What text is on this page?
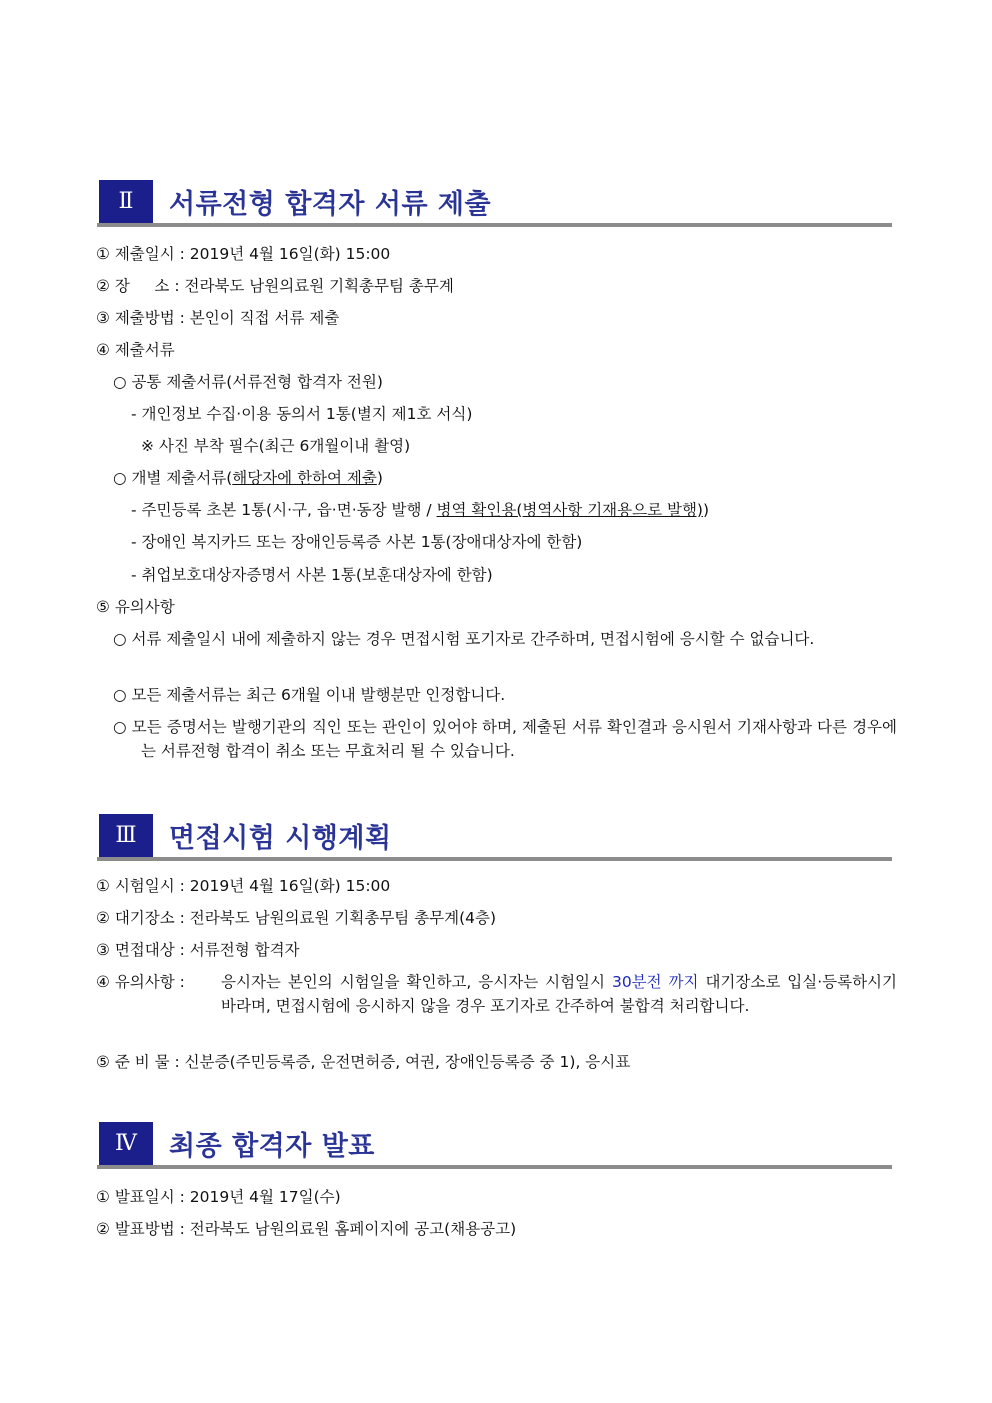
Ⅱ	서류전형 합격자 서류 제출
① 제출일시 : 2019년 4월 16일(화) 15:00
② 장     소 : 전라북도 남원의료원 기획총무팀 총무계
③ 제출방법 : 본인이 직접 서류 제출
④ 제출서류
○ 공통 제출서류(서류전형 합격자 전원)
- 개인정보 수집·이용 동의서 1통(별지 제1호 서식)
※ 사진 부착 필수(최근 6개월이내 촬영)
○ 개별 제출서류(해당자에 한하여 제출)
- 주민등록 초본 1통(시·구, 읍·면·동장 발행 / 병역 확인용(병역사항 기재용으로 발행))
- 장애인 복지카드 또는 장애인등록증 사본 1통(장애대상자에 한함)
- 취업보호대상자증명서 사본 1통(보훈대상자에 한함)
⑤ 유의사항
○ 서류 제출일시 내에 제출하지 않는 경우 면접시험 포기자로 간주하며, 면접시험에 응시할 수 없습니다.
○ 모든 제출서류는 최근 6개월 이내 발행분만 인정합니다.
○ 모든 증명서는 발행기관의 직인 또는 관인이 있어야 하며, 제출된 서류 확인결과 응시원서 기재사항과 다른 경우에는 서류전형 합격이 취소 또는 무효처리 될 수 있습니다.
Ⅲ	면접시험 시행계획
① 시험일시 : 2019년 4월 16일(화) 15:00
② 대기장소 : 전라북도 남원의료원 기획총무팀 총무계(4층)
③ 면접대상 : 서류전형 합격자
④ 유의사항 : 응시자는 본인의 시험일을 확인하고, 응시자는 시험일시 30분전 까지 대기장소로 입실·등록하시기 바라며, 면접시험에 응시하지 않을 경우 포기자로 간주하여 불합격 처리합니다.
⑤ 준 비 물 : 신분증(주민등록증, 운전면허증, 여권, 장애인등록증 중 1), 응시표
Ⅳ	최종 합격자 발표
① 발표일시 : 2019년 4월 17일(수)
② 발표방법 : 전라북도 남원의료원 홈페이지에 공고(채용공고)
